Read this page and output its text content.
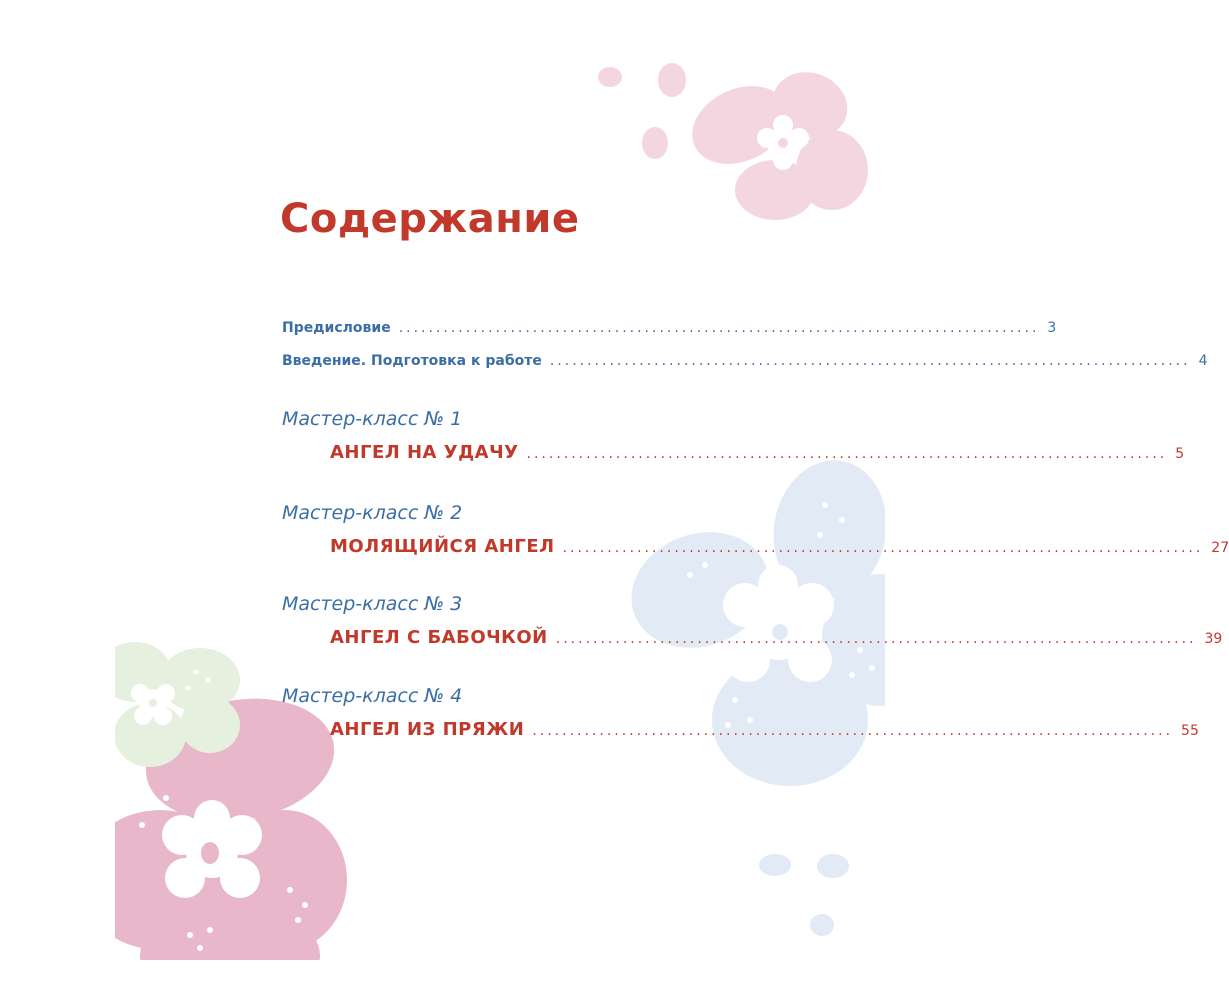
Содержание
Предисловие ...................................................................................... 3
Введение. Подготовка к работе ...................................................................................... 4

Мастер-класс № 1

АНГЕЛ НА УДАЧУ ...................................................................................... 5

Мастер-класс № 2

МОЛЯЩИЙСЯ АНГЕЛ ...................................................................................... 27

Мастер-класс № 3

АНГЕЛ С БАБОЧКОЙ ...................................................................................... 39

Мастер-класс № 4

АНГЕЛ ИЗ ПРЯЖИ ...................................................................................... 55
